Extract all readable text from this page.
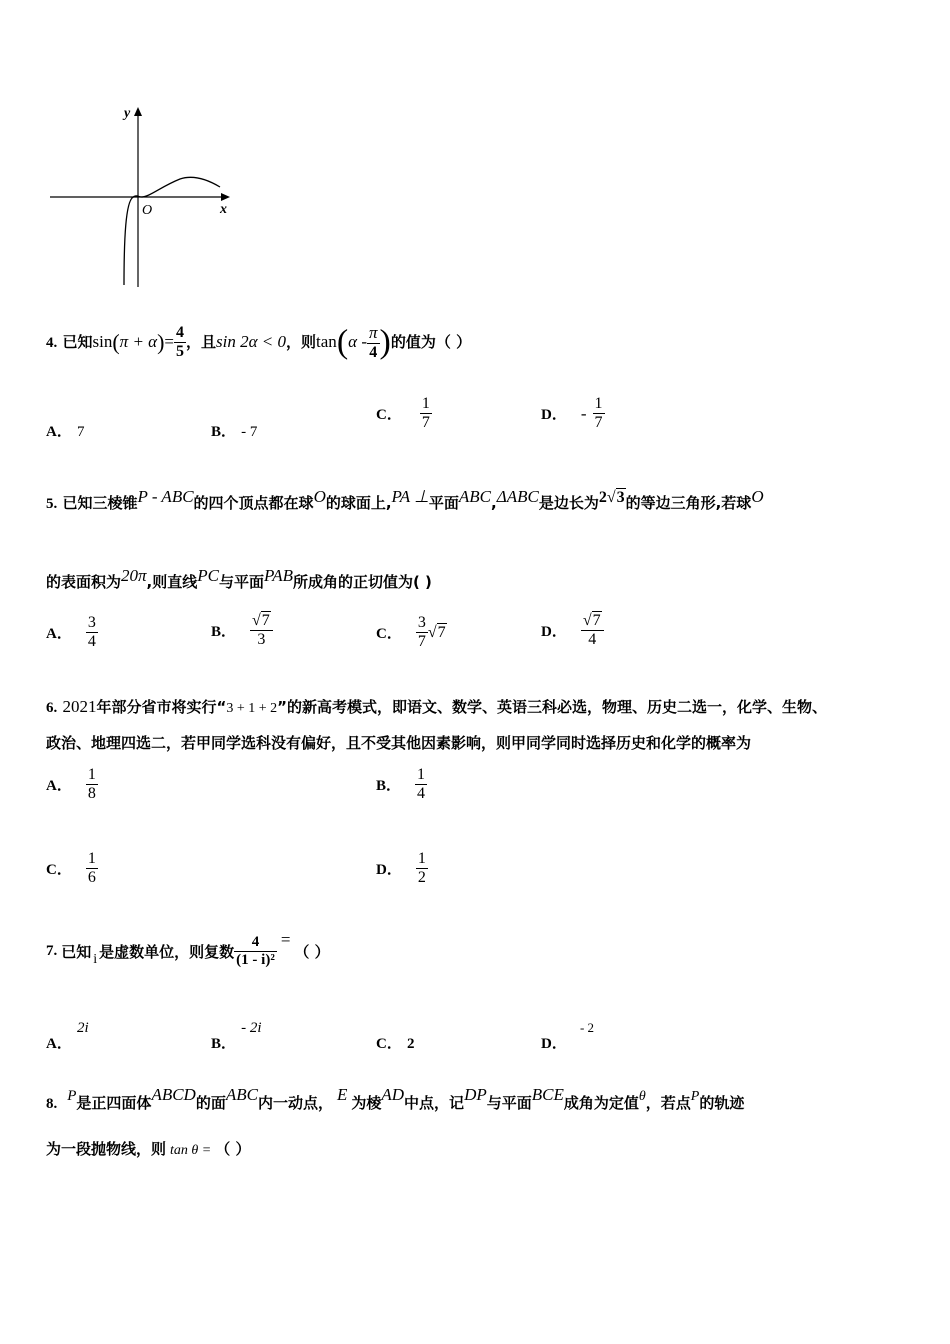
y
x
O
4. 已知$\sin(\pi + \alpha)= \frac{4}{5}$ ，且sin 2α < 0，则$\tan(\alpha - \frac{\pi}{4}$ )的值为（ ）
A． 7	B． - 7
C． $\frac{1}{7}$	D． - $\frac{1}{7}$
5. 已知三棱锥P - ABC的四个顶点都在球O的球面上,PA ⊥平面ABC,ΔABC是边长为2√3的等边三角形,若球O
的表面积为20π,则直线PC与平面PAB所成角的正切值为( )
A． $\frac{3}{4}$	B． $\frac{√7}{3}$	C． $\frac{3}{7} √7$	D． $\frac{√7}{4}$
6. 2021年部分省市将实行“3 + 1 + 2”的新高考模式，即语文、数学、英语三科必选，物理、历史二选一，化学、生物、
政治、地理四选二，若甲同学选科没有偏好，且不受其他因素影响，则甲同学同时选择历史和化学的概率为
A． $\frac{1}{8}$	B． $\frac{1}{4}$
C． $\frac{1}{6}$	D． $\frac{1}{2}$
7. 已知 i 是虚数单位，则复数 $\frac{4}{\text{(1 - i)²}}$ =
（ ）
A． 2i
B． - 2i
C． 2	D． - 2
8. P是正四面体ABCD的面ABC内一动点， E 为棱AD中点，记DP与平面BCE成角为定值θ，若点P的轨迹
为一段抛物线，则 tan θ = （ ）
